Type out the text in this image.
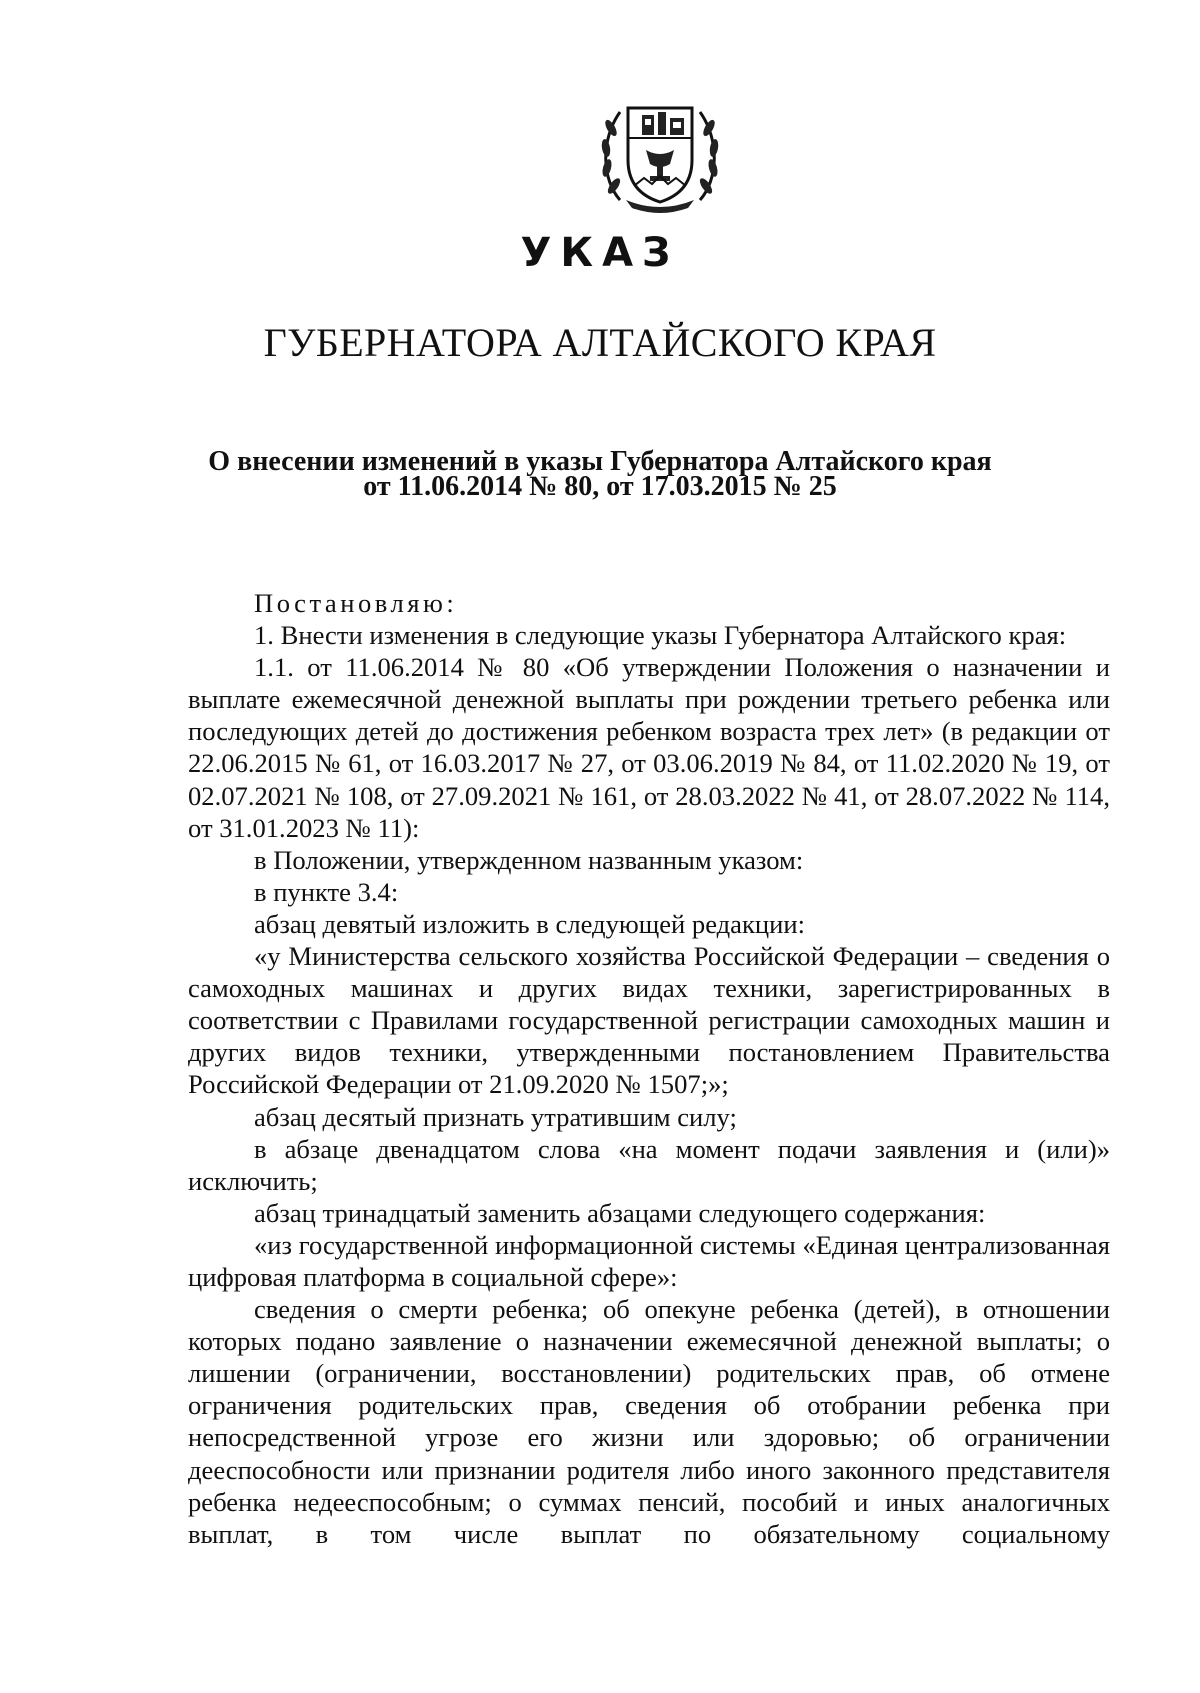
УКАЗ
ГУБЕРНАТОРА АЛТАЙСКОГО КРАЯ
О внесении изменений в указы Губернатора Алтайского края
от 11.06.2014 № 80, от 17.03.2015 № 25

Постановляю:

1. Внести изменения в следующие указы Губернатора Алтайского края:

1.1. от 11.06.2014 № 80 «Об утверждении Положения о назначении и выплате ежемесячной денежной выплаты при рождении третьего ребенка или последующих детей до достижения ребенком возраста трех лет» (в редакции от 22.06.2015 № 61, от 16.03.2017 № 27, от 03.06.2019 № 84, от 11.02.2020 № 19, от 02.07.2021 № 108, от 27.09.2021 № 161, от 28.03.2022 № 41, от 28.07.2022 № 114, от 31.01.2023 № 11):

в Положении, утвержденном названным указом:

в пункте 3.4:

абзац девятый изложить в следующей редакции:

«у Министерства сельского хозяйства Российской Федерации – сведения о самоходных машинах и других видах техники, зарегистрированных в соответствии с Правилами государственной регистрации самоходных машин и других видов техники, утвержденными постановлением Правительства Российской Федерации от 21.09.2020 № 1507;»;

абзац десятый признать утратившим силу;

в абзаце двенадцатом слова «на момент подачи заявления и (или)» исключить;

абзац тринадцатый заменить абзацами следующего содержания:

«из государственной информационной системы «Единая централизованная цифровая платформа в социальной сфере»:

сведения о смерти ребенка; об опекуне ребенка (детей), в отношении которых подано заявление о назначении ежемесячной денежной выплаты; о лишении (ограничении, восстановлении) родительских прав, об отмене ограничения родительских прав, сведения об отобрании ребенка при непосредственной угрозе его жизни или здоровью; об ограничении дееспособности или признании родителя либо иного законного представителя ребенка недееспособным; о суммах пенсий, пособий и иных аналогичных выплат, в том числе выплат по обязательному социальному
